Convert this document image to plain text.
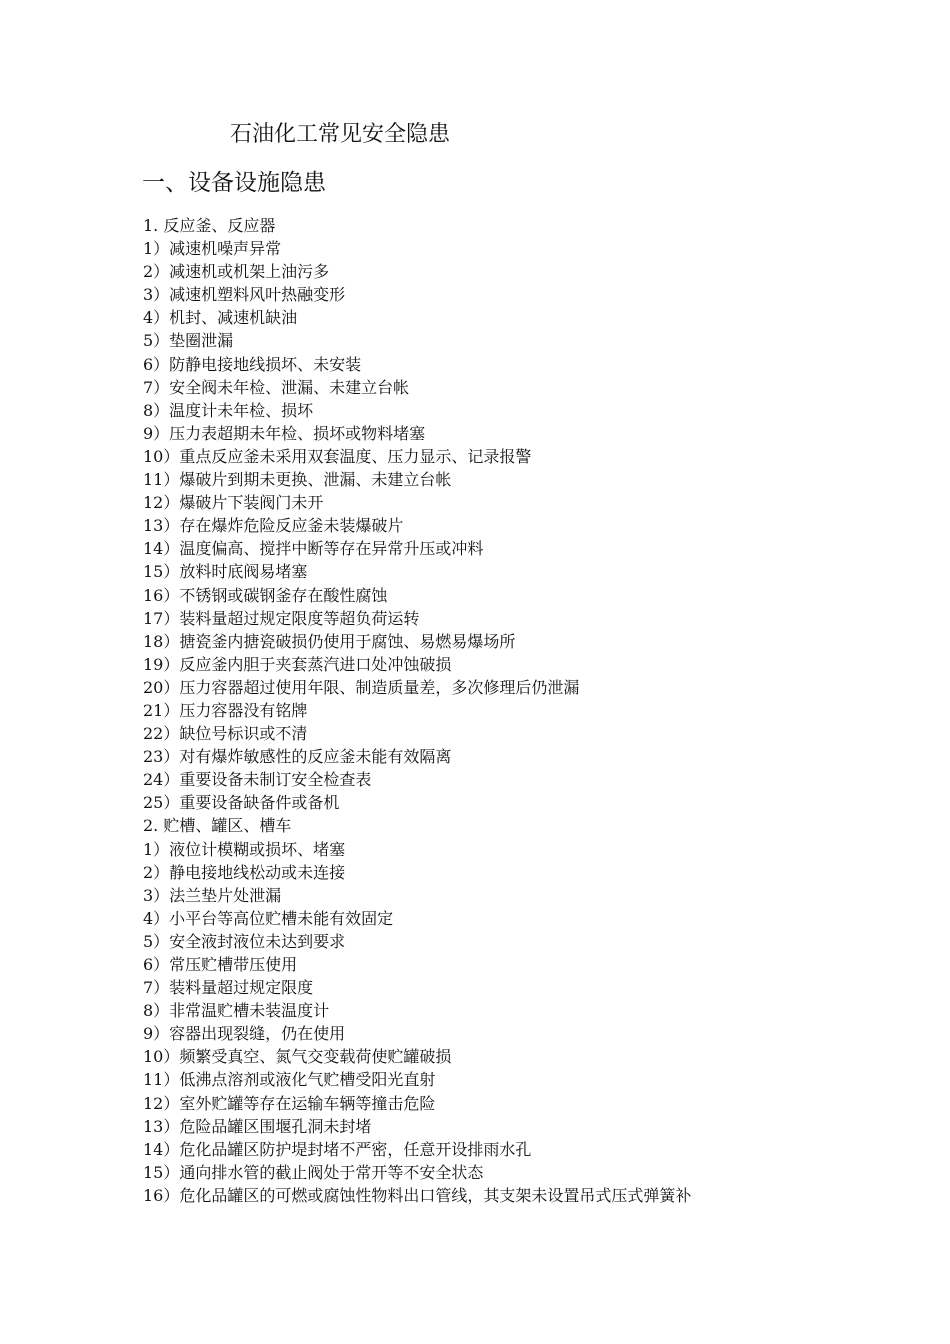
石油化工常见安全隐患
一、设备设施隐患
1. 反应釜、反应器
1）减速机噪声异常
2）减速机或机架上油污多
3）减速机塑料风叶热融变形
4）机封、减速机缺油
5）垫圈泄漏
6）防静电接地线损坏、未安装
7）安全阀未年检、泄漏、未建立台帐
8）温度计未年检、损坏
9）压力表超期未年检、损坏或物料堵塞
10）重点反应釜未采用双套温度、压力显示、记录报警
11）爆破片到期未更换、泄漏、未建立台帐
12）爆破片下装阀门未开
13）存在爆炸危险反应釜未装爆破片
14）温度偏高、搅拌中断等存在异常升压或冲料
15）放料时底阀易堵塞
16）不锈钢或碳钢釜存在酸性腐蚀
17）装料量超过规定限度等超负荷运转
18）搪瓷釜内搪瓷破损仍使用于腐蚀、易燃易爆场所
19）反应釜内胆于夹套蒸汽进口处冲蚀破损
20）压力容器超过使用年限、制造质量差，多次修理后仍泄漏
21）压力容器没有铭牌
22）缺位号标识或不清
23）对有爆炸敏感性的反应釜未能有效隔离
24）重要设备未制订安全检查表
25）重要设备缺备件或备机
2. 贮槽、罐区、槽车
1）液位计模糊或损坏、堵塞
2）静电接地线松动或未连接
3）法兰垫片处泄漏
4）小平台等高位贮槽未能有效固定
5）安全液封液位未达到要求
6）常压贮槽带压使用
7）装料量超过规定限度
8）非常温贮槽未装温度计
9）容器出现裂缝，仍在使用
10）频繁受真空、氮气交变载荷使贮罐破损
11）低沸点溶剂或液化气贮槽受阳光直射
12）室外贮罐等存在运输车辆等撞击危险
13）危险品罐区围堰孔洞未封堵
14）危化品罐区防护堤封堵不严密，任意开设排雨水孔
15）通向排水管的截止阀处于常开等不安全状态
16）危化品罐区的可燃或腐蚀性物料出口管线，其支架未设置吊式压式弹簧补
